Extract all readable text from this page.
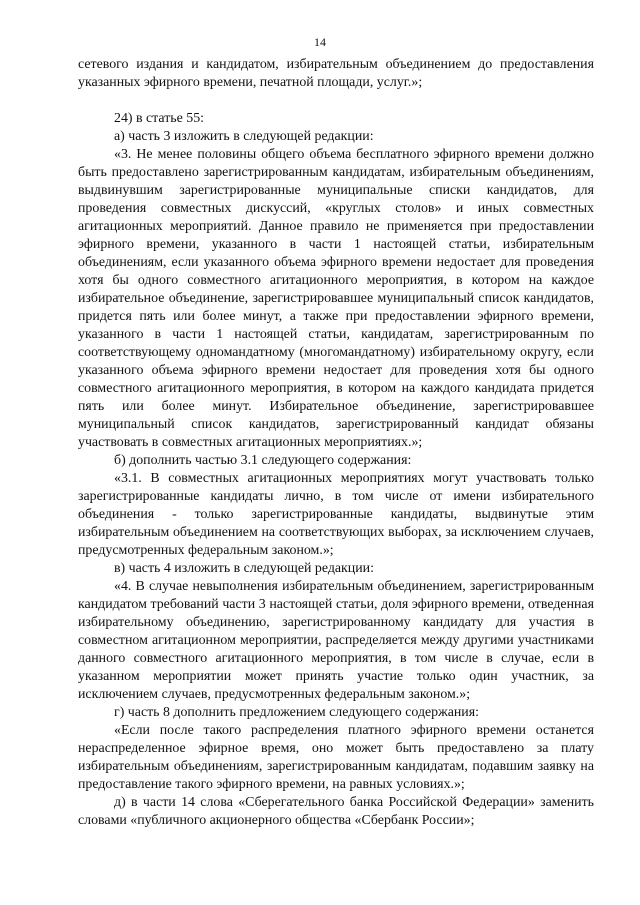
14

сетевого издания и кандидатом, избирательным объединением до предоставления указанных эфирного времени, печатной площади, услуг.»;

24) в статье 55:

а) часть 3 изложить в следующей редакции:

«3. Не менее половины общего объема бесплатного эфирного времени должно быть предоставлено зарегистрированным кандидатам, избирательным объединениям, выдвинувшим зарегистрированные муниципальные списки кандидатов, для проведения совместных дискуссий, «круглых столов» и иных совместных агитационных мероприятий. Данное правило не применяется при предоставлении эфирного времени, указанного в части 1 настоящей статьи, избирательным объединениям, если указанного объема эфирного времени недостает для проведения хотя бы одного совместного агитационного мероприятия, в котором на каждое избирательное объединение, зарегистрировавшее муниципальный список кандидатов, придется пять или более минут, а также при предоставлении эфирного времени, указанного в части 1 настоящей статьи, кандидатам, зарегистрированным по соответствующему одномандатному (многомандатному) избирательному округу, если указанного объема эфирного времени недостает для проведения хотя бы одного совместного агитационного мероприятия, в котором на каждого кандидата придется пять или более минут. Избирательное объединение, зарегистрировавшее муниципальный список кандидатов, зарегистрированный кандидат обязаны участвовать в совместных агитационных мероприятиях.»;

б) дополнить частью 3.1 следующего содержания:

«3.1. В совместных агитационных мероприятиях могут участвовать только зарегистрированные кандидаты лично, в том числе от имени избирательного объединения - только зарегистрированные кандидаты, выдвинутые этим избирательным объединением на соответствующих выборах, за исключением случаев, предусмотренных федеральным законом.»;

в) часть 4 изложить в следующей редакции:

«4. В случае невыполнения избирательным объединением, зарегистрированным кандидатом требований части 3 настоящей статьи, доля эфирного времени, отведенная избирательному объединению, зарегистрированному кандидату для участия в совместном агитационном мероприятии, распределяется между другими участниками данного совместного агитационного мероприятия, в том числе в случае, если в указанном мероприятии может принять участие только один участник, за исключением случаев, предусмотренных федеральным законом.»;

г) часть 8 дополнить предложением следующего содержания:

«Если после такого распределения платного эфирного времени останется нераспределенное эфирное время, оно может быть предоставлено за плату избирательным объединениям, зарегистрированным кандидатам, подавшим заявку на предоставление такого эфирного времени, на равных условиях.»;

д) в части 14 слова «Сберегательного банка Российской Федерации» заменить словами «публичного акционерного общества «Сбербанк России»;
